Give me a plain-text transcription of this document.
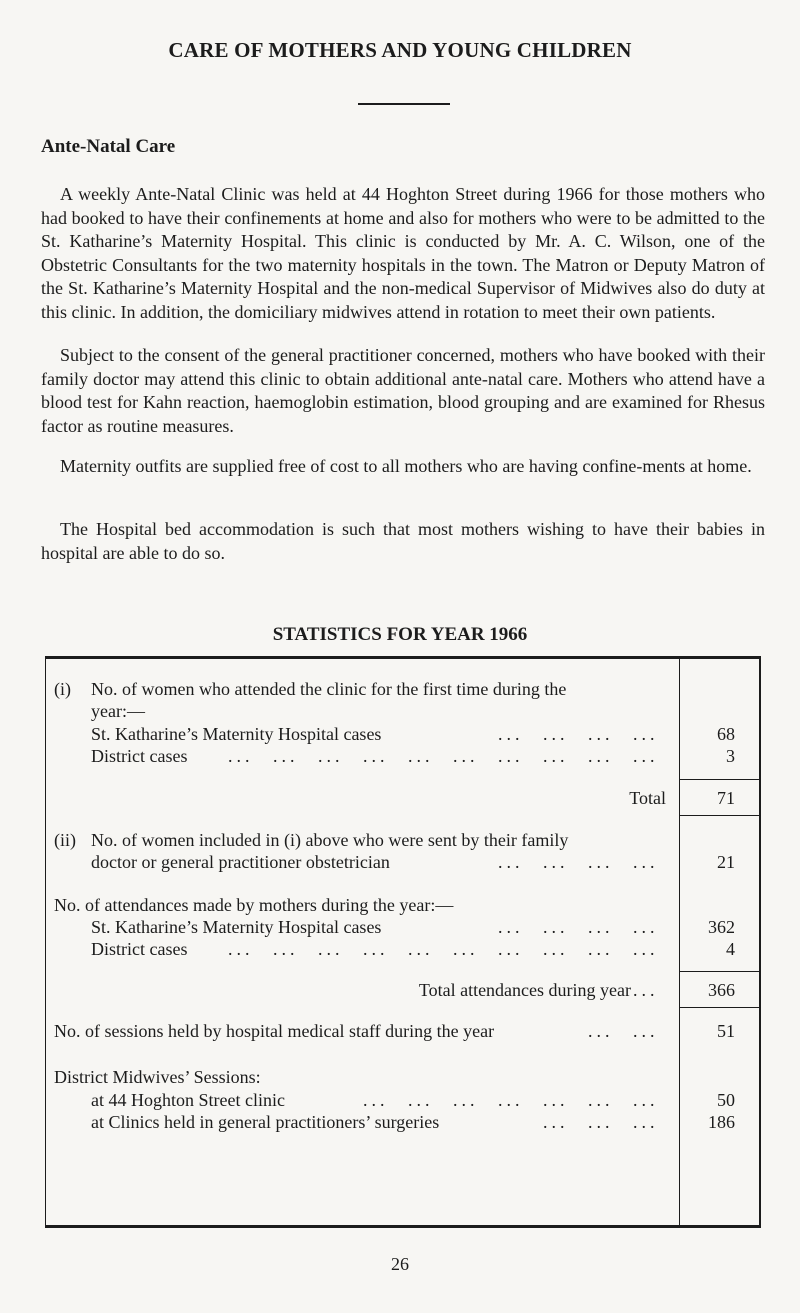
CARE OF MOTHERS AND YOUNG CHILDREN
Ante-Natal Care
A weekly Ante-Natal Clinic was held at 44 Hoghton Street during 1966 for those mothers who had booked to have their confinements at home and also for mothers who were to be admitted to the St. Katharine’s Maternity Hospital. This clinic is conducted by Mr. A. C. Wilson, one of the Obstetric Consultants for the two maternity hospitals in the town. The Matron or Deputy Matron of the St. Katharine’s Maternity Hospital and the non-medical Supervisor of Midwives also do duty at this clinic. In addition, the domiciliary midwives attend in rotation to meet their own patients.
Subject to the consent of the general practitioner concerned, mothers who have booked with their family doctor may attend this clinic to obtain additional ante-natal care. Mothers who attend have a blood test for Kahn reaction, haemoglobin estimation, blood grouping and are examined for Rhesus factor as routine measures.
Maternity outfits are supplied free of cost to all mothers who are having confine-ments at home.
The Hospital bed accommodation is such that most mothers wishing to have their babies in hospital are able to do so.
STATISTICS FOR YEAR 1966
(i) No. of women who attended the clinic for the first time during the
year:—
St. Katharine’s Maternity Hospital cases	... ... ... ...	68
District cases ... ... ... ... ... ... ... ... ... ...	3
Total	71
(ii) No. of women included in (i) above who were sent by their family
doctor or general practitioner obstetrician	... ... ... ...	21
No. of attendances made by mothers during the year:—
St. Katharine’s Maternity Hospital cases	... ... ... ...	362
District cases ... ... ... ... ... ... ... ... ... ...	4
Total attendances during year ...	366
No. of sessions held by hospital medical staff during the year	... ...	51
District Midwives’ Sessions:
at 44 Hoghton Street clinic	... ... ... ... ... ... ...	50
at Clinics held in general practitioners’ surgeries	... ... ...	186
26
